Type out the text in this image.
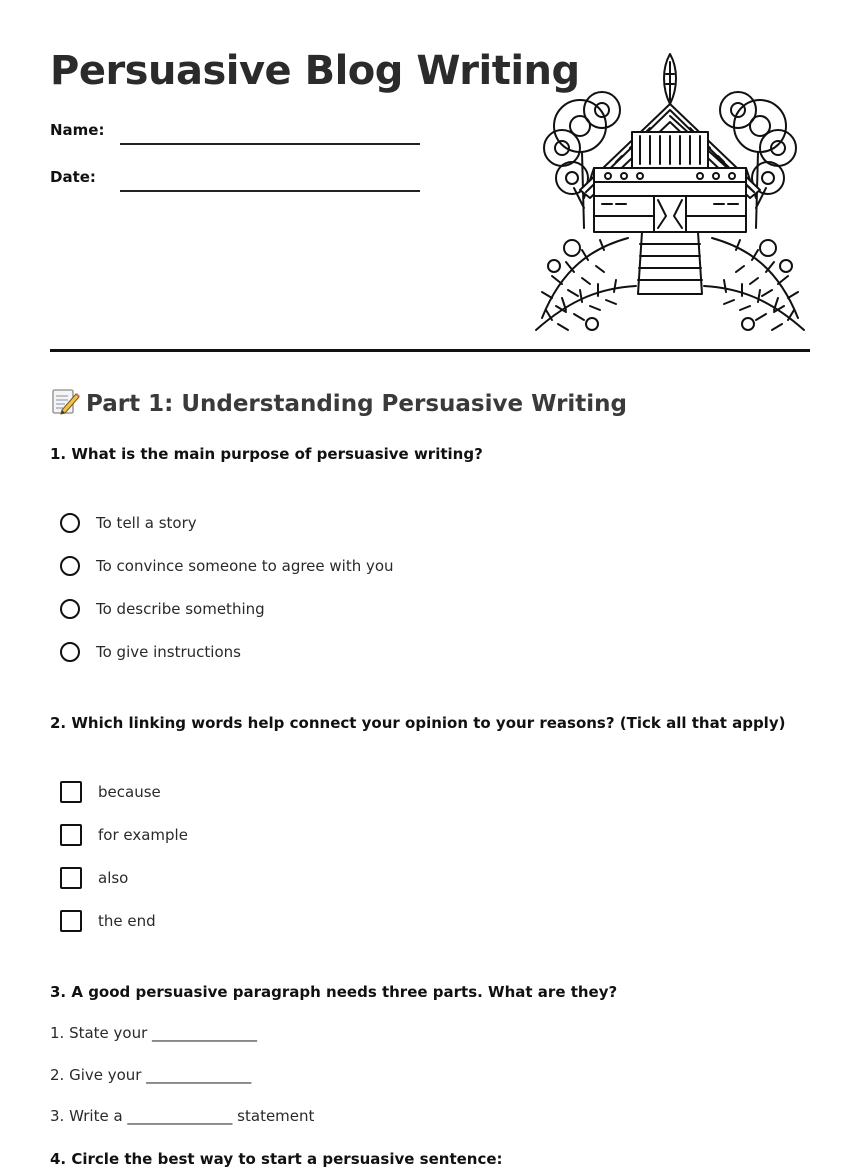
Persuasive Blog Writing
Name:
Date:
Part 1: Understanding Persuasive Writing

1. What is the main purpose of persuasive writing?

To tell a story
To convince someone to agree with you
To describe something
To give instructions

2. Which linking words help connect your opinion to your reasons? (Tick all that apply)

because
for example
also
the end

3. A good persuasive paragraph needs three parts. What are they?

1. State your ______________
2. Give your ______________
3. Write a ______________ statement

4. Circle the best way to start a persuasive sentence:
